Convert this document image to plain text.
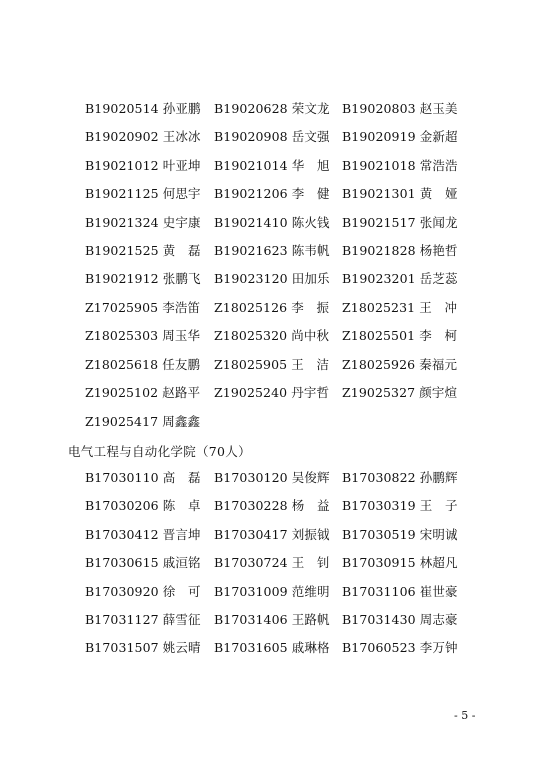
B19020514 孙亚鹏 B19020628 荣文龙 B19020803 赵玉美
B19020902 王冰冰 B19020908 岳文强 B19020919 金新超
B19021012 叶亚坤 B19021014 华　旭 B19021018 常浩浩
B19021125 何思宇 B19021206 李　健 B19021301 黄　娅
B19021324 史宇康 B19021410 陈火钱 B19021517 张闻龙
B19021525 黄　磊 B19021623 陈韦帆 B19021828 杨艳哲
B19021912 张鹏飞 B19023120 田加乐 B19023201 岳芝蕊
Z17025905 李浩笛 Z18025126 李　振 Z18025231 王　冲
Z18025303 周玉华 Z18025320 尚中秋 Z18025501 李　柯
Z18025618 任友鹏 Z18025905 王　洁 Z18025926 秦福元
Z19025102 赵路平 Z19025240 丹宇哲 Z19025327 颜宇煊
Z19025417 周鑫鑫
电气工程与自动化学院（70人）
B17030110 高　磊 B17030120 吴俊辉 B17030822 孙鹏辉
B17030206 陈　卓 B17030228 杨　益 B17030319 王　子
B17030412 晋言坤 B17030417 刘振钺 B17030519 宋明诚
B17030615 戚洹铭 B17030724 王　钊 B17030915 林超凡
B17030920 徐　可 B17031009 范维明 B17031106 崔世豪
B17031127 薛雪征 B17031406 王路帆 B17031430 周志豪
B17031507 姚云晴 B17031605 戚琳格 B17060523 李万钟
- 5 -
